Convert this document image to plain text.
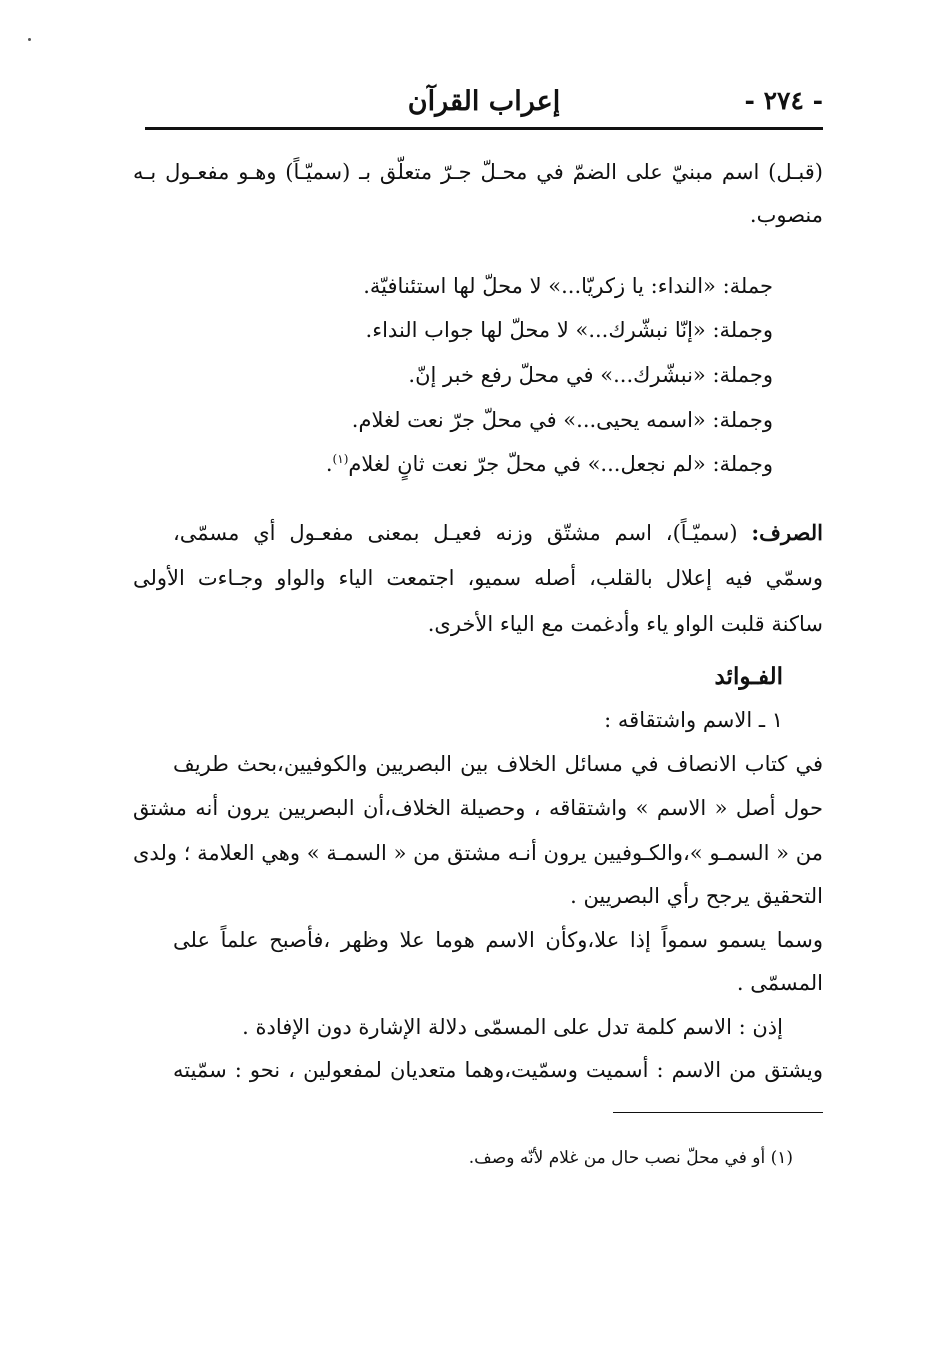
- ٢٧٤ -
إعراب القرآن
(قبـل) اسم مبنيّ على الضمّ في محـلّ جـرّ متعلّق بـ (سميّـاً) وهـو مفعـول بـه
منصوب.
جملة: «النداء: يا زكريّا...» لا محلّ لها استئنافيّة.
وجملة: «إنّا نبشّرك...» لا محلّ لها جواب النداء.
وجملة: «نبشّرك...» في محلّ رفع خبر إنّ.
وجملة: «اسمه يحيى...» في محلّ جرّ نعت لغلام.
وجملة: «لم نجعل...» في محلّ جرّ نعت ثانٍ لغلام$^{(١)}$.
الصرف: (سميّـاً)، اسم مشتّق وزنه فعيـل بمعنى مفعـول أي مسمّى،
وسمّي فيه إعلال بالقلب، أصله سميو، اجتمعت الياء والواو وجـاءت الأولى
ساكنة قلبت الواو ياء وأدغمت مع الياء الأخرى.
الفـوائد
١ ـ الاسم واشتقاقه :
في كتاب الانصاف في مسائل الخلاف بين البصريين والكوفيين،بحث طريف
حول أصل « الاسم » واشتقاقه ، وحصيلة الخلاف،أن البصريين يرون أنه مشتق
من « السمـو »،والكـوفيين يرون أنـه مشتق من « السمـة » وهي العلامة ؛ ولدى
التحقيق يرجح رأي البصريين .
وسما يسمو سمواً إذا علا،وكأن الاسم هوما علا وظهر ،فأصبح علماً على
المسمّى .
إذن : الاسم كلمة تدل على المسمّى دلالة الإشارة دون الإفادة .
ويشتق من الاسم : أسميت وسمّيت،وهما متعديان لمفعولين ، نحو : سمّيته
(١) أو في محلّ نصب حال من غلام لأنّه وصف.
